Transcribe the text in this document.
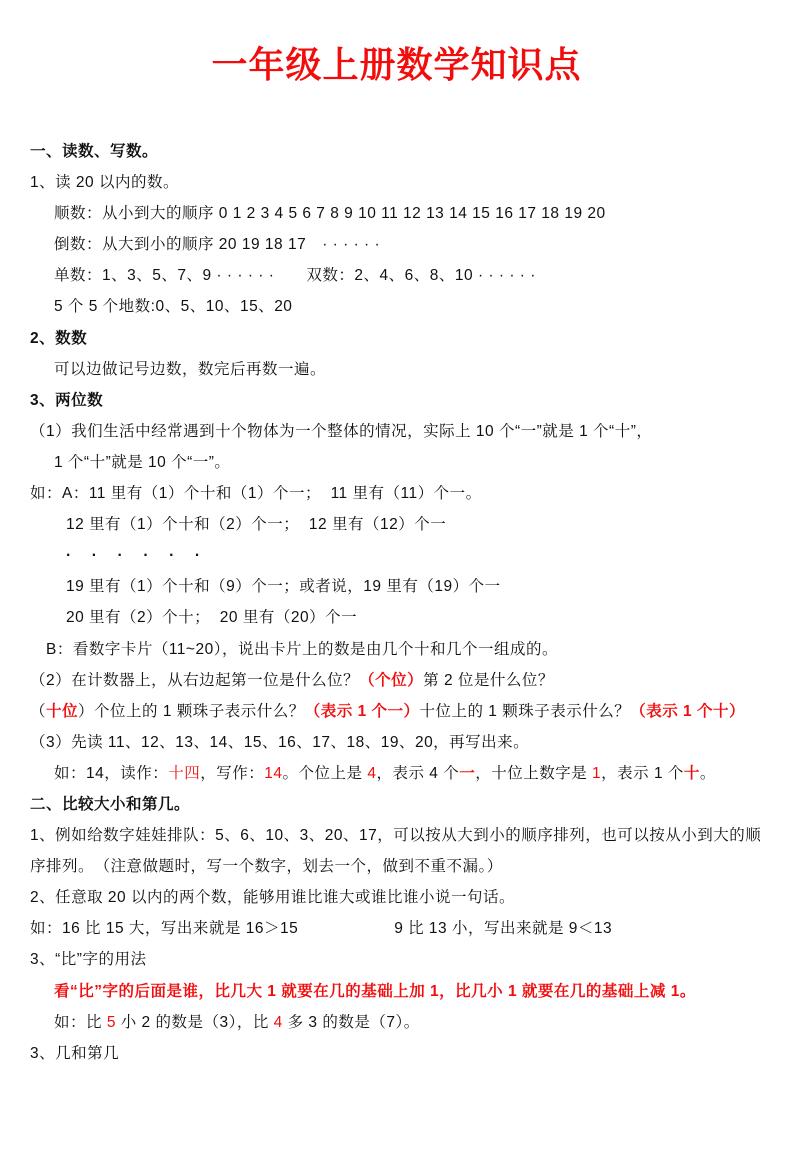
一年级上册数学知识点
一、读数、写数。
1、读 20 以内的数。
顺数：从小到大的顺序 0 1 2 3 4 5 6 7 8 9 10 11 12 13 14 15 16 17 18 19 20
倒数：从大到小的顺序 20 19 18 17　· · · · · ·
单数：1、3、5、7、9 · · · · · ·　　双数：2、4、6、8、10 · · · · · ·
5 个 5 个地数:0、5、10、15、20
2、数数
可以边做记号边数，数完后再数一遍。
3、两位数
（1）我们生活中经常遇到十个物体为一个整体的情况，实际上 10 个“一”就是 1 个“十”，
1 个“十”就是 10 个“一”。
如：A：11 里有（1）个十和（1）个一；  11 里有（11）个一。
12 里有（1）个十和（2）个一；  12 里有（12）个一
·  ·  ·  ·  ·  ·
19 里有（1）个十和（9）个一；或者说，19 里有（19）个一
20 里有（2）个十；  20 里有（20）个一
B：看数字卡片（11~20），说出卡片上的数是由几个十和几个一组成的。
（2）在计数器上，从右边起第一位是什么位？（个位）第 2 位是什么位？
（十位）个位上的 1 颗珠子表示什么？（表示 1 个一）十位上的 1 颗珠子表示什么？（表示 1 个十）
（3）先读 11、12、13、14、15、16、17、18、19、20，再写出来。
如：14，读作：十四，写作：14。个位上是 4，表示 4 个一，十位上数字是 1，表示 1 个十。
二、比较大小和第几。
1、例如给数字娃娃排队：5、6、10、3、20、17，可以按从大到小的顺序排列，也可以按从小到大的顺
序排列。　（注意做题时，写一个数字，划去一个，做到不重不漏。）
2、任意取 20 以内的两个数，能够用谁比谁大或谁比谁小说一句话。
如：16 比 15 大，写出来就是 16＞15　　　　　　9 比 13 小，写出来就是 9＜13
3、“比”字的用法
看“比”字的后面是谁，比几大 1 就要在几的基础上加 1，比几小 1 就要在几的基础上减 1。
如：比 5 小 2 的数是（3），比 4 多 3 的数是（7）。
3、几和第几
